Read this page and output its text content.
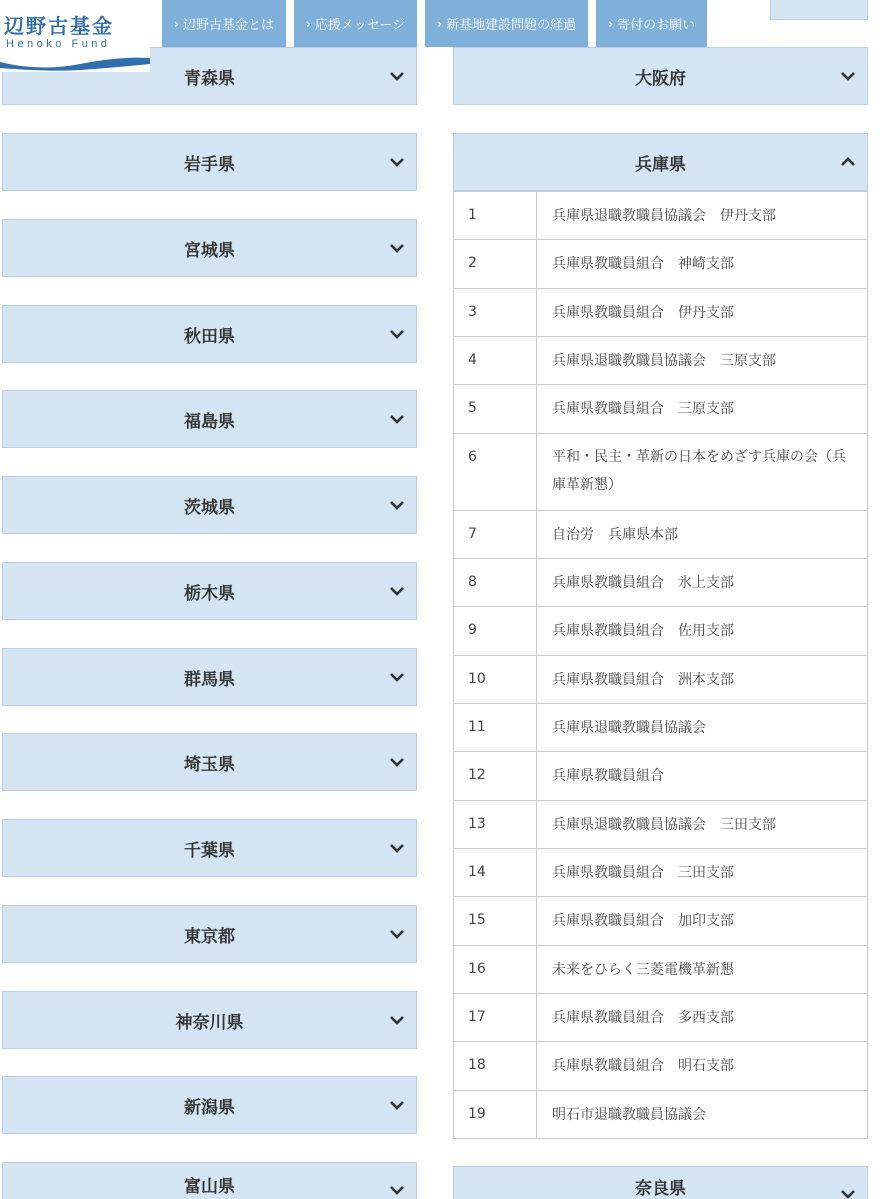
辺野古基金
Henoko Fund
› 辺野古基金とは	› 応援メッセージ	› 新基地建設問題の経過	› 寄付のお願い
青森県
岩手県
宮城県
秋田県
福島県
茨城県
栃木県
群馬県
埼玉県
千葉県
東京都
神奈川県
新潟県
富山県
大阪府
兵庫県
奈良県
1	兵庫県退職教職員協議会　伊丹支部
2	兵庫県教職員組合　神崎支部
3	兵庫県教職員組合　伊丹支部
4	兵庫県退職教職員協議会　三原支部
5	兵庫県教職員組合　三原支部
6	平和・民主・革新の日本をめざす兵庫の会（兵庫革新懇）
7	自治労　兵庫県本部
8	兵庫県教職員組合　氷上支部
9	兵庫県教職員組合　佐用支部
10	兵庫県教職員組合　洲本支部
11	兵庫県退職教職員協議会
12	兵庫県教職員組合
13	兵庫県退職教職員協議会　三田支部
14	兵庫県教職員組合　三田支部
15	兵庫県教職員組合　加印支部
16	未来をひらく三菱電機革新懇
17	兵庫県教職員組合　多西支部
18	兵庫県教職員組合　明石支部
19	明石市退職教職員協議会
